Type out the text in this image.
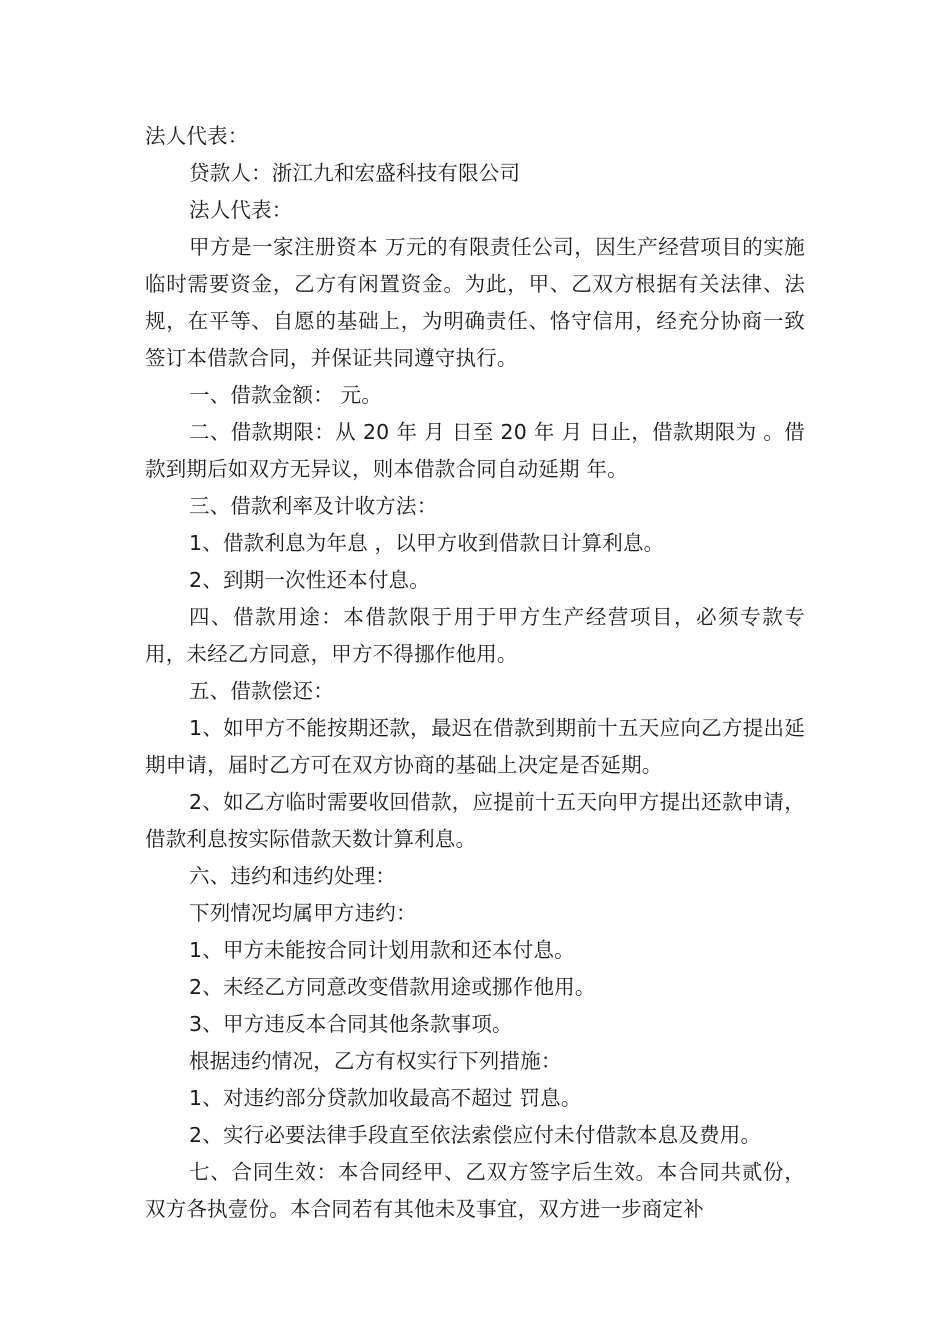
法人代表：

贷款人：浙江九和宏盛科技有限公司

法人代表：

甲方是一家注册资本 万元的有限责任公司，因生产经营项目的实施临时需要资金，乙方有闲置资金。为此，甲、乙双方根据有关法律、法规，在平等、自愿的基础上，为明确责任、恪守信用，经充分协商一致签订本借款合同，并保证共同遵守执行。

一、借款金额： 元。

二、借款期限：从 20 年 月 日至 20 年 月 日止，借款期限为 。借款到期后如双方无异议，则本借款合同自动延期 年。

三、借款利率及计收方法：

1、借款利息为年息 ，以甲方收到借款日计算利息。

2、到期一次性还本付息。

四、借款用途：本借款限于用于甲方生产经营项目，必须专款专用，未经乙方同意，甲方不得挪作他用。

五、借款偿还：

1、如甲方不能按期还款，最迟在借款到期前十五天应向乙方提出延期申请，届时乙方可在双方协商的基础上决定是否延期。

2、如乙方临时需要收回借款，应提前十五天向甲方提出还款申请，借款利息按实际借款天数计算利息。

六、违约和违约处理：

下列情况均属甲方违约：

1、甲方未能按合同计划用款和还本付息。

2、未经乙方同意改变借款用途或挪作他用。

3、甲方违反本合同其他条款事项。

根据违约情况，乙方有权实行下列措施：

1、对违约部分贷款加收最高不超过 罚息。

2、实行必要法律手段直至依法索偿应付未付借款本息及费用。

七、合同生效：本合同经甲、乙双方签字后生效。本合同共贰份，双方各执壹份。本合同若有其他未及事宜，双方进一步商定补
